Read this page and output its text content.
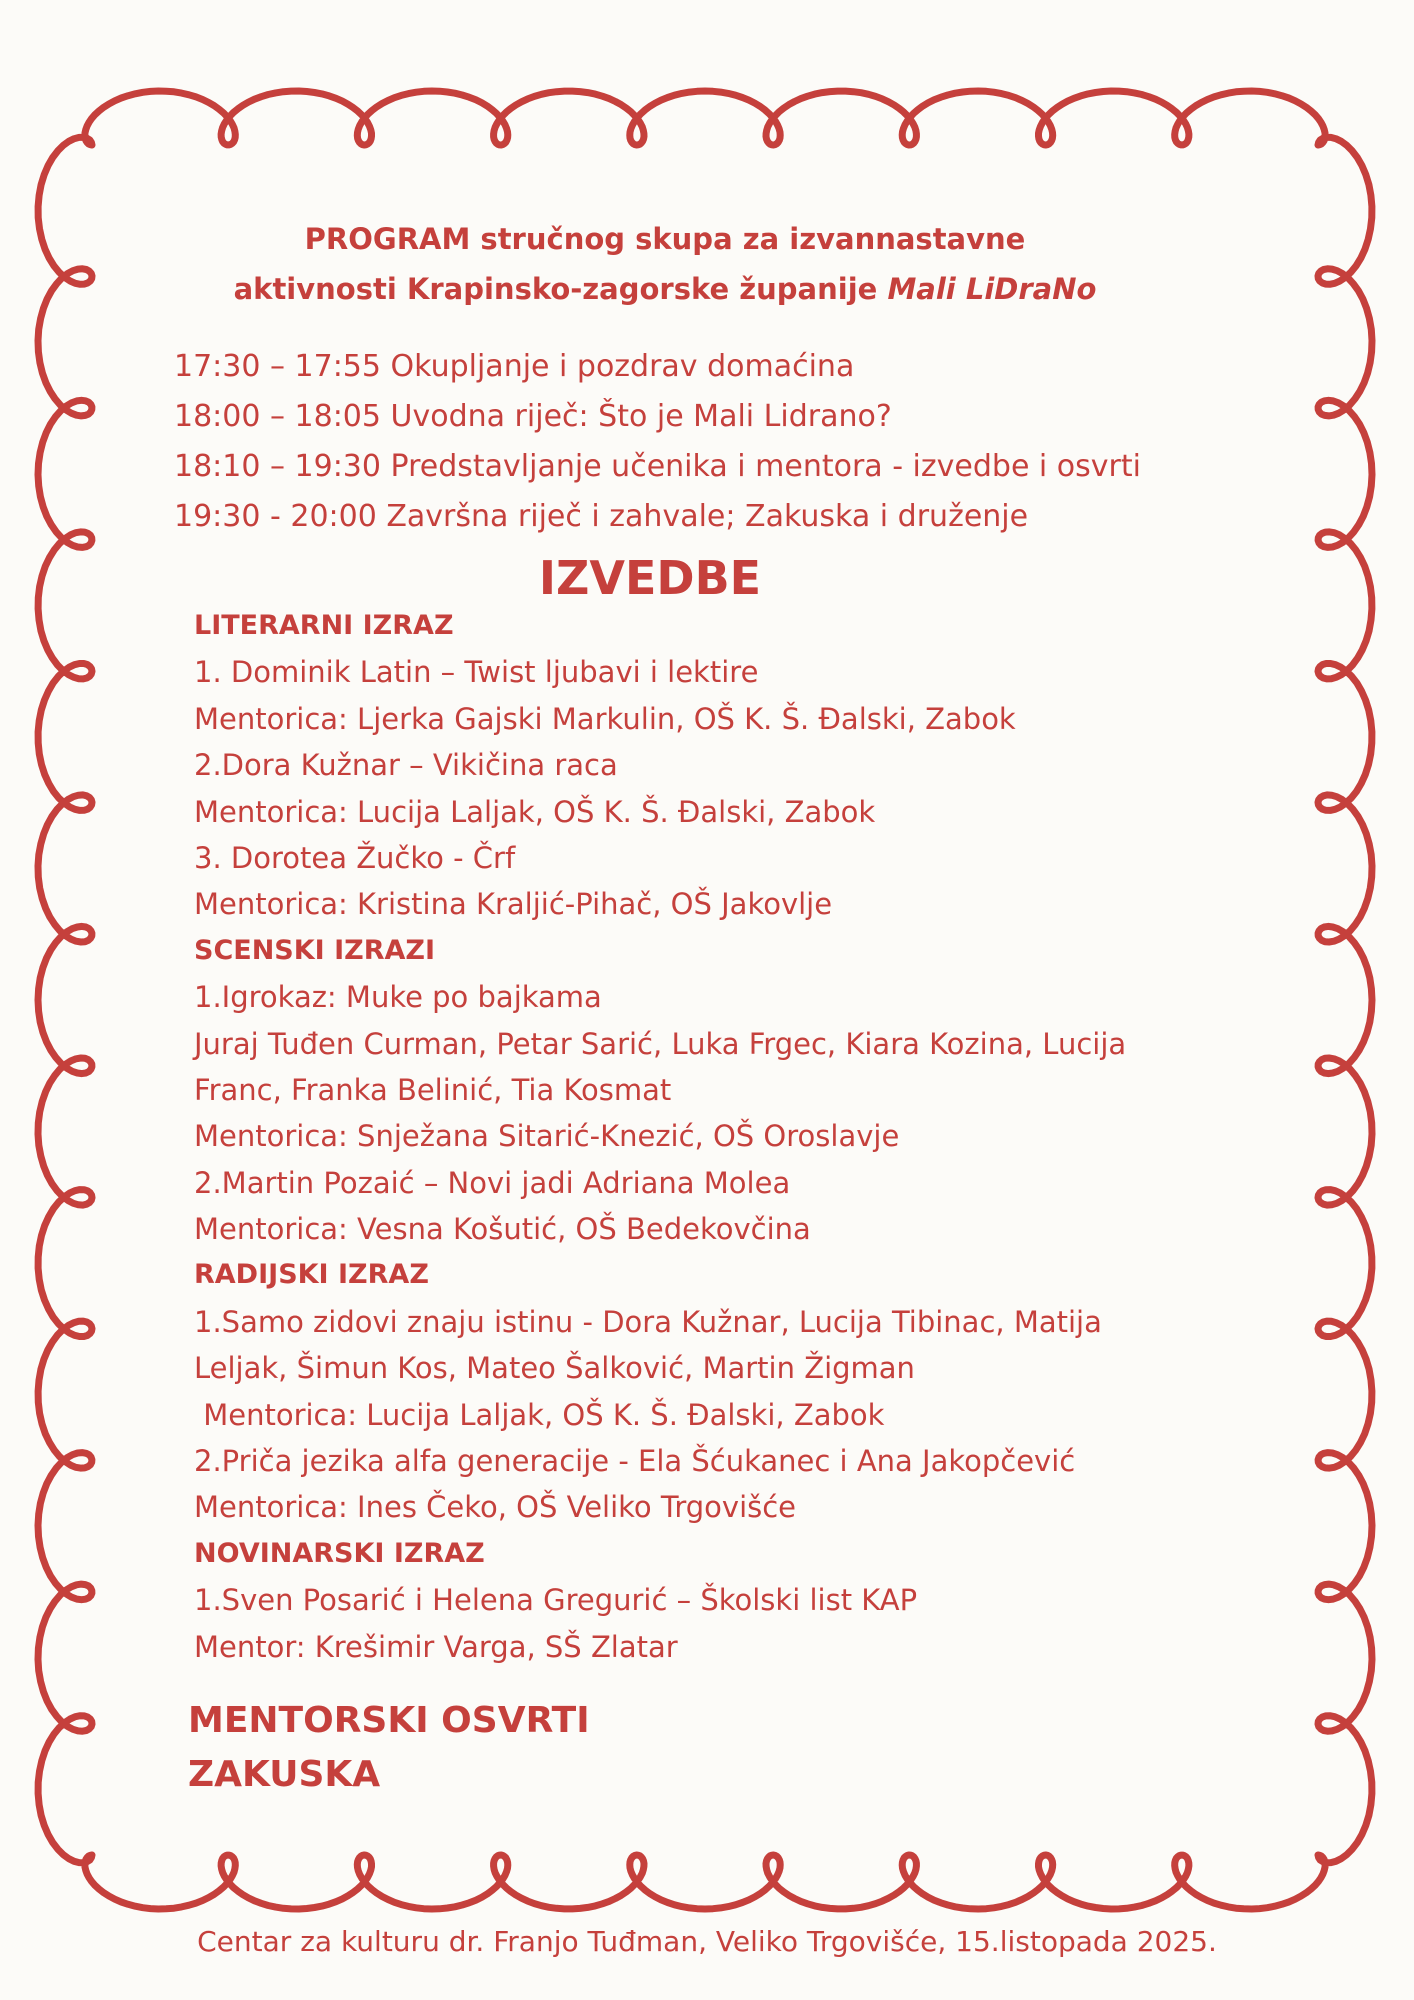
PROGRAM stručnog skupa za izvannastavne
aktivnosti Krapinsko-zagorske županije Mali LiDraNo
17:30 – 17:55 Okupljanje i pozdrav domaćina
18:00 – 18:05 Uvodna riječ: Što je Mali Lidrano?
18:10 – 19:30 Predstavljanje učenika i mentora - izvedbe i osvrti
19:30 - 20:00 Završna riječ i zahvale; Zakuska i druženje
IZVEDBE
LITERARNI IZRAZ
1. Dominik Latin – Twist ljubavi i lektire
Mentorica: Ljerka Gajski Markulin, OŠ K. Š. Đalski, Zabok
2.Dora Kužnar – Vikičina raca
Mentorica: Lucija Laljak, OŠ K. Š. Đalski, Zabok
3. Dorotea Žučko - Črf
Mentorica: Kristina Kraljić-Pihač, OŠ Jakovlje
SCENSKI IZRAZI
1.Igrokaz: Muke po bajkama
Juraj Tuđen Curman, Petar Sarić, Luka Frgec, Kiara Kozina, Lucija
Franc, Franka Belinić, Tia Kosmat
Mentorica: Snježana Sitarić-Knezić, OŠ Oroslavje
2.Martin Pozaić – Novi jadi Adriana Molea
Mentorica: Vesna Košutić, OŠ Bedekovčina
RADIJSKI IZRAZ
1.Samo zidovi znaju istinu - Dora Kužnar, Lucija Tibinac, Matija
Leljak, Šimun Kos, Mateo Šalković, Martin Žigman
Mentorica: Lucija Laljak, OŠ K. Š. Đalski, Zabok
2.Priča jezika alfa generacije - Ela Šćukanec i Ana Jakopčević
Mentorica: Ines Čeko, OŠ Veliko Trgovišće
NOVINARSKI IZRAZ
1.Sven Posarić i Helena Gregurić – Školski list KAP
Mentor: Krešimir Varga, SŠ Zlatar
MENTORSKI OSVRTI
ZAKUSKA
Centar za kulturu dr. Franjo Tuđman, Veliko Trgovišće, 15.listopada 2025.
